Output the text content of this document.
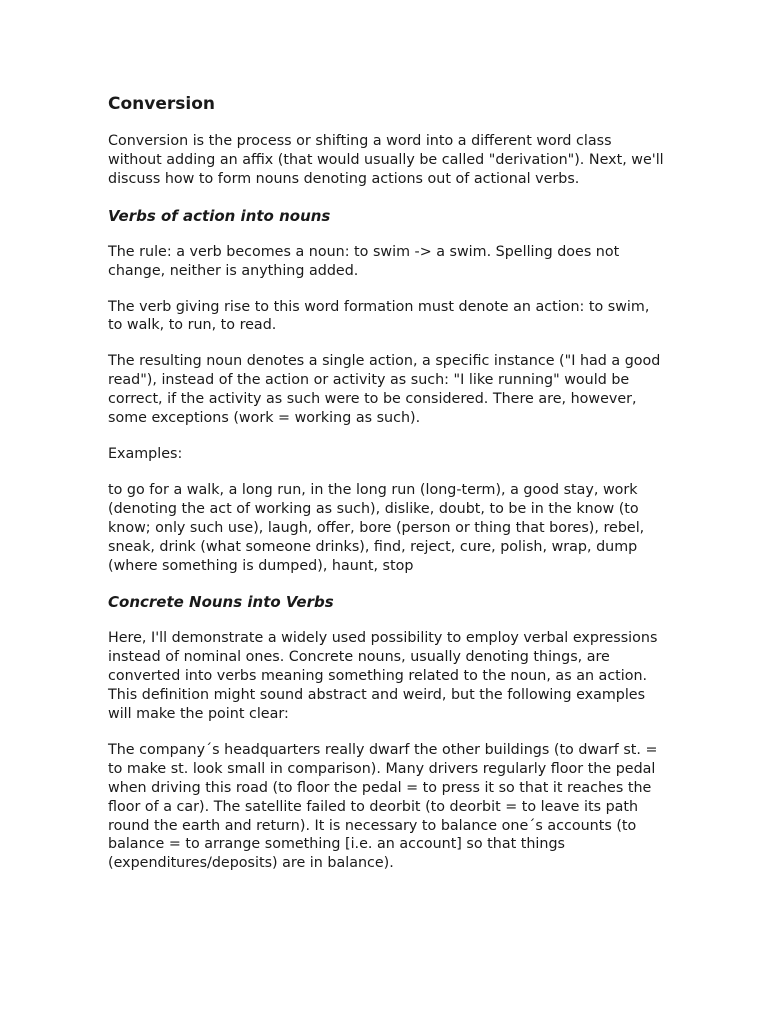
Conversion
Conversion is the process or shifting a word into a different word class without adding an affix (that would usually be called "derivation"). Next, we'll discuss how to form nouns denoting actions out of actional verbs.
Verbs of action into nouns
The rule: a verb becomes a noun: to swim -> a swim. Spelling does not change, neither is anything added.
The verb giving rise to this word formation must denote an action: to swim, to walk, to run, to read.
The resulting noun denotes a single action, a specific instance ("I had a good read"), instead of the action or activity as such: "I like running" would be correct, if the activity as such were to be considered. There are, however, some exceptions (work = working as such).
Examples:
to go for a walk, a long run, in the long run (long-term), a good stay, work (denoting the act of working as such), dislike, doubt, to be in the know (to know; only such use), laugh, offer, bore (person or thing that bores), rebel, sneak, drink (what someone drinks), find, reject, cure, polish, wrap, dump (where something is dumped), haunt, stop
Concrete Nouns into Verbs
Here, I'll demonstrate a widely used possibility to employ verbal expressions instead of nominal ones. Concrete nouns, usually denoting things, are converted into verbs meaning something related to the noun, as an action. This definition might sound abstract and weird, but the following examples will make the point clear:
The company´s headquarters really dwarf the other buildings (to dwarf st. = to make st. look small in comparison). Many drivers regularly floor the pedal when driving this road (to floor the pedal = to press it so that it reaches the floor of a car). The satellite failed to deorbit (to deorbit = to leave its path round the earth and return). It is necessary to balance one´s accounts (to balance = to arrange something [i.e. an account] so that things (expenditures/deposits) are in balance).
